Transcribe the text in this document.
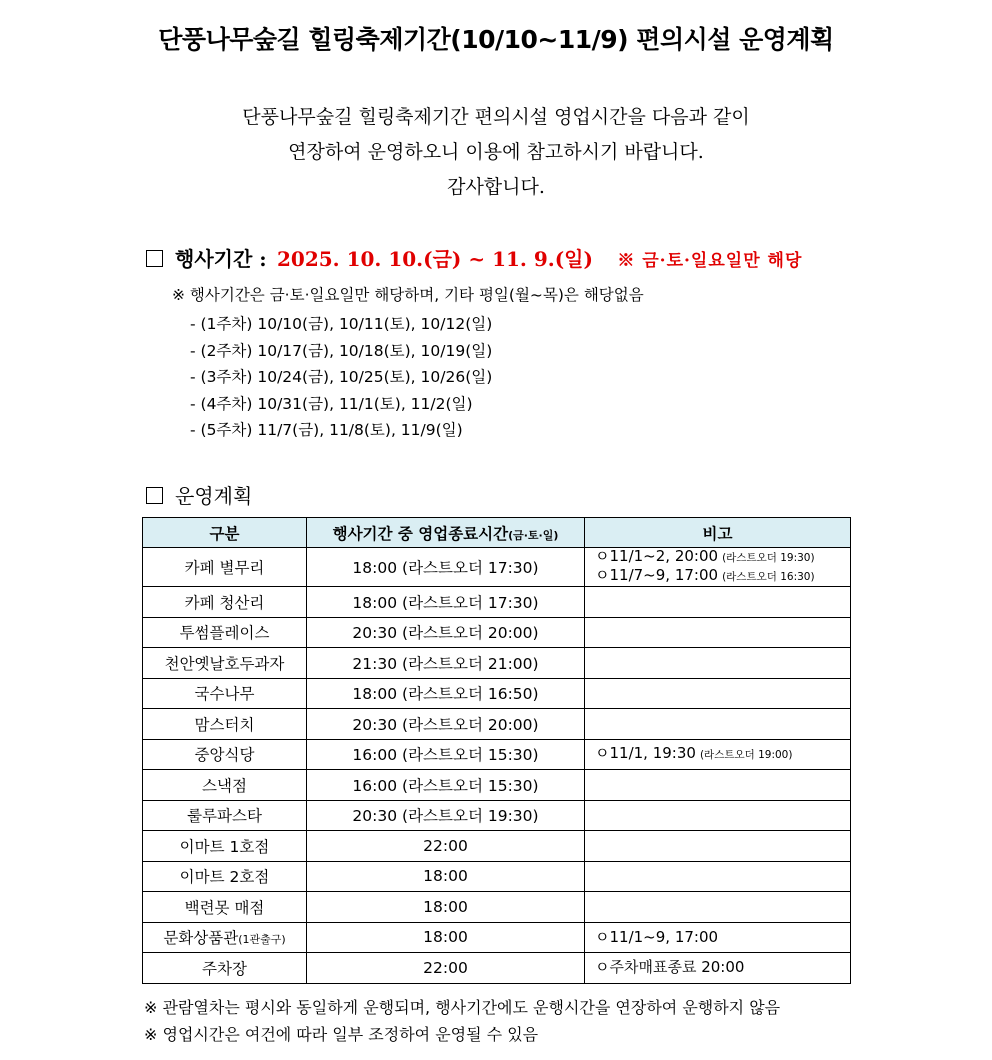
단풍나무숲길 힐링축제기간(10/10~11/9) 편의시설 운영계획
단풍나무숲길 힐링축제기간 편의시설 영업시간을 다음과 같이
연장하여 운영하오니 이용에 참고하시기 바랍니다.
감사합니다.
행사기간 : 2025. 10. 10.(금) ~ 11. 9.(일) ※ 금·토·일요일만 해당
※ 행사기간은 금·토·일요일만 해당하며, 기타 평일(월~목)은 해당없음
- (1주차) 10/10(금), 10/11(토), 10/12(일)
- (2주차) 10/17(금), 10/18(토), 10/19(일)
- (3주차) 10/24(금), 10/25(토), 10/26(일)
- (4주차) 10/31(금), 11/1(토), 11/2(일)
- (5주차) 11/7(금), 11/8(토), 11/9(일)
운영계획
구분	행사기간 중 영업종료시간(금·토·일)	비고
카페 별무리	18:00 (라스트오더 17:30)	ㅇ11/1~2, 20:00 (라스트오더 19:30)
ㅇ11/7~9, 17:00 (라스트오더 16:30)

카페 청산리	18:00 (라스트오더 17:30)	
투썸플레이스	20:30 (라스트오더 20:00)	
천안옛날호두과자	21:30 (라스트오더 21:00)	
국수나무	18:00 (라스트오더 16:50)	
맘스터치	20:30 (라스트오더 20:00)	
중앙식당	16:00 (라스트오더 15:30)	ㅇ11/1, 19:30 (라스트오더 19:00)
스낵점	16:00 (라스트오더 15:30)	
룰루파스타	20:30 (라스트오더 19:30)	
이마트 1호점	22:00	
이마트 2호점	18:00	
백련못 매점	18:00	
문화상품관(1관출구)	18:00	ㅇ11/1~9, 17:00
주차장	22:00	ㅇ주차매표종료 20:00
※ 관람열차는 평시와 동일하게 운행되며, 행사기간에도 운행시간을 연장하여 운행하지 않음
※ 영업시간은 여건에 따라 일부 조정하여 운영될 수 있음
